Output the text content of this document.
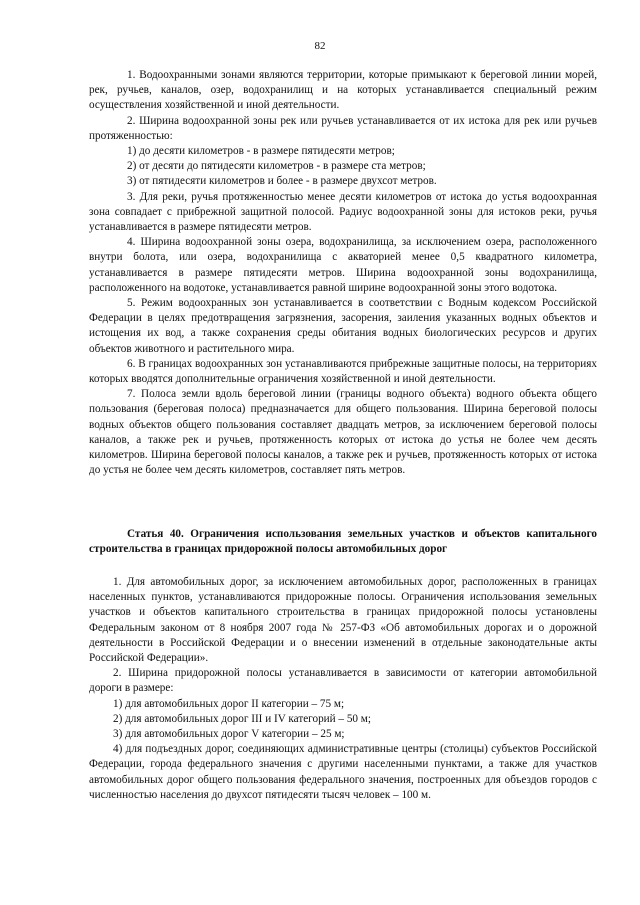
82

1. Водоохранными зонами являются территории, которые примыкают к береговой линии морей, рек, ручьев, каналов, озер, водохранилищ и на которых устанавливается специальный режим осуществления хозяйственной и иной деятельности.

2. Ширина водоохранной зоны рек или ручьев устанавливается от их истока для рек или ручьев протяженностью:

1) до десяти километров - в размере пятидесяти метров;

2) от десяти до пятидесяти километров - в размере ста метров;

3) от пятидесяти километров и более - в размере двухсот метров.

3. Для реки, ручья протяженностью менее десяти километров от истока до устья водоохранная зона совпадает с прибрежной защитной полосой. Радиус водоохранной зоны для истоков реки, ручья устанавливается в размере пятидесяти метров.

4. Ширина водоохранной зоны озера, водохранилища, за исключением озера, расположенного внутри болота, или озера, водохранилища с акваторией менее 0,5 квадратного километра, устанавливается в размере пятидесяти метров. Ширина водоохранной зоны водохранилища, расположенного на водотоке, устанавливается равной ширине водоохранной зоны этого водотока.

5. Режим водоохранных зон устанавливается в соответствии с Водным кодексом Российской Федерации в целях предотвращения загрязнения, засорения, заиления указанных водных объектов и истощения их вод, а также сохранения среды обитания водных биологических ресурсов и других объектов животного и растительного мира.

6. В границах водоохранных зон устанавливаются прибрежные защитные полосы, на территориях которых вводятся дополнительные ограничения хозяйственной и иной деятельности.

7. Полоса земли вдоль береговой линии (границы водного объекта) водного объекта общего пользования (береговая полоса) предназначается для общего пользования. Ширина береговой полосы водных объектов общего пользования составляет двадцать метров, за исключением береговой полосы каналов, а также рек и ручьев, протяженность которых от истока до устья не более чем десять километров. Ширина береговой полосы каналов, а также рек и ручьев, протяженность которых от истока до устья не более чем десять километров, составляет пять метров.

Статья 40. Ограничения использования земельных участков и объектов капитального строительства в границах придорожной полосы автомобильных дорог

1. Для автомобильных дорог, за исключением автомобильных дорог, расположенных в границах населенных пунктов, устанавливаются придорожные полосы. Ограничения использования земельных участков и объектов капитального строительства в границах придорожной полосы установлены Федеральным законом от 8 ноября 2007 года № 257-ФЗ «Об автомобильных дорогах и о дорожной деятельности в Российской Федерации и о внесении изменений в отдельные законодательные акты Российской Федерации».

2. Ширина придорожной полосы устанавливается в зависимости от категории автомобильной дороги в размере:

1) для автомобильных дорог II категории – 75 м;

2) для автомобильных дорог III и IV категорий – 50 м;

3) для автомобильных дорог V категории – 25 м;

4) для подъездных дорог, соединяющих административные центры (столицы) субъектов Российской Федерации, города федерального значения с другими населенными пунктами, а также для участков автомобильных дорог общего пользования федерального значения, построенных для объездов городов с численностью населения до двухсот пятидесяти тысяч человек – 100 м.
